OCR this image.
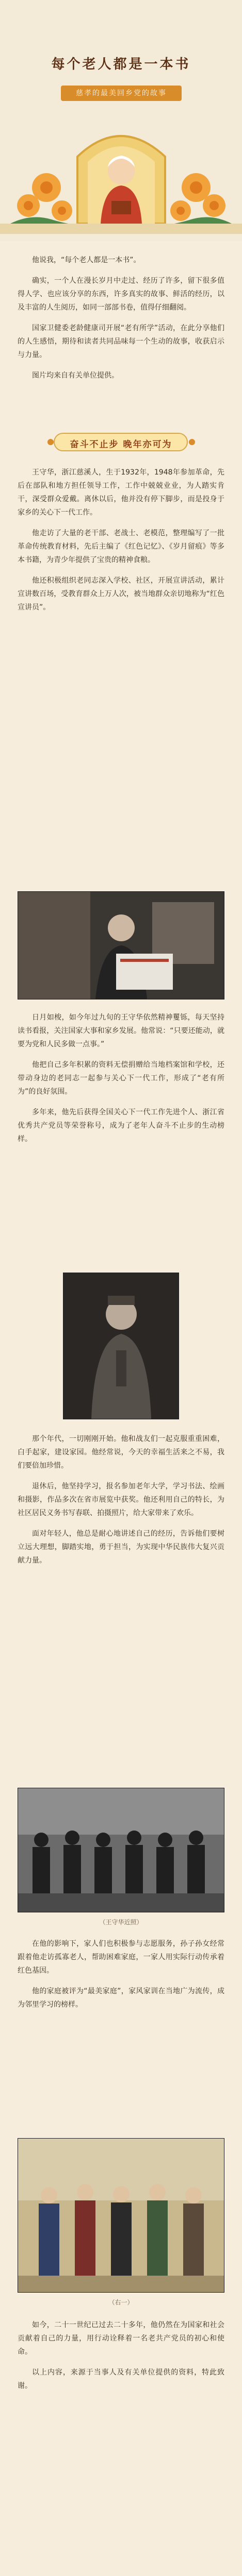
每个老人都是一本书
慈孝的最美回乡党的故事

他说我，“每个老人都是一本书”。

确实，一个人在漫长岁月中走过、经历了许多，留下很多值得人学、也应该分享的东西，许多真实的故事、鲜活的经历，以及丰富的人生阅历，如同一部部书卷，值得仔细翻阅。

国家卫健委老龄健康司开展“老有所学”活动，在此分享他们的人生感悟，期待和读者共同品味每一个生动的故事，收获启示与力量。

图片均来自有关单位提供。

奋斗不止步 晚年亦可为

王守华，浙江慈溪人，生于1932年，1948年参加革命，先后在部队和地方担任领导工作，工作中兢兢业业，为人踏实肯干，深受群众爱戴。离休以后，他并没有停下脚步，而是投身于家乡的关心下一代工作。

他走访了大量的老干部、老战士、老模范，整理编写了一批革命传统教育材料，先后主编了《红色记忆》、《岁月留痕》等多本书籍，为青少年提供了宝贵的精神食粮。

他还积极组织老同志深入学校、社区，开展宣讲活动，累计宣讲数百场，受教育群众上万人次，被当地群众亲切地称为“红色宣讲员”。

日月如梭，如今年过九旬的王守华依然精神矍铄，每天坚持读书看报，关注国家大事和家乡发展。他常说：“只要还能动，就要为党和人民多做一点事。”

他把自己多年积累的资料无偿捐赠给当地档案馆和学校，还带动身边的老同志一起参与关心下一代工作，形成了“老有所为”的良好氛围。

多年来，他先后获得全国关心下一代工作先进个人、浙江省优秀共产党员等荣誉称号，成为了老年人奋斗不止步的生动榜样。

那个年代，一切刚刚开始。他和战友们一起克服重重困难，白手起家，建设家园。他经常说，今天的幸福生活来之不易，我们要倍加珍惜。

退休后，他坚持学习，报名参加老年大学，学习书法、绘画和摄影，作品多次在省市展览中获奖。他还利用自己的特长，为社区居民义务书写春联、拍摄照片，给大家带来了欢乐。

面对年轻人，他总是耐心地讲述自己的经历，告诉他们要树立远大理想，脚踏实地，勇于担当，为实现中华民族伟大复兴贡献力量。

（王守华近照）

在他的影响下，家人们也积极参与志愿服务，孙子孙女经常跟着他走访孤寡老人，帮助困难家庭，一家人用实际行动传承着红色基因。

他的家庭被评为“最美家庭”，家风家训在当地广为流传，成为邻里学习的榜样。

（右一）

如今，二十一世纪已过去二十多年，他仍然在为国家和社会贡献着自己的力量，用行动诠释着一名老共产党员的初心和使命。

以上内容，来源于当事人及有关单位提供的资料，特此致谢。
